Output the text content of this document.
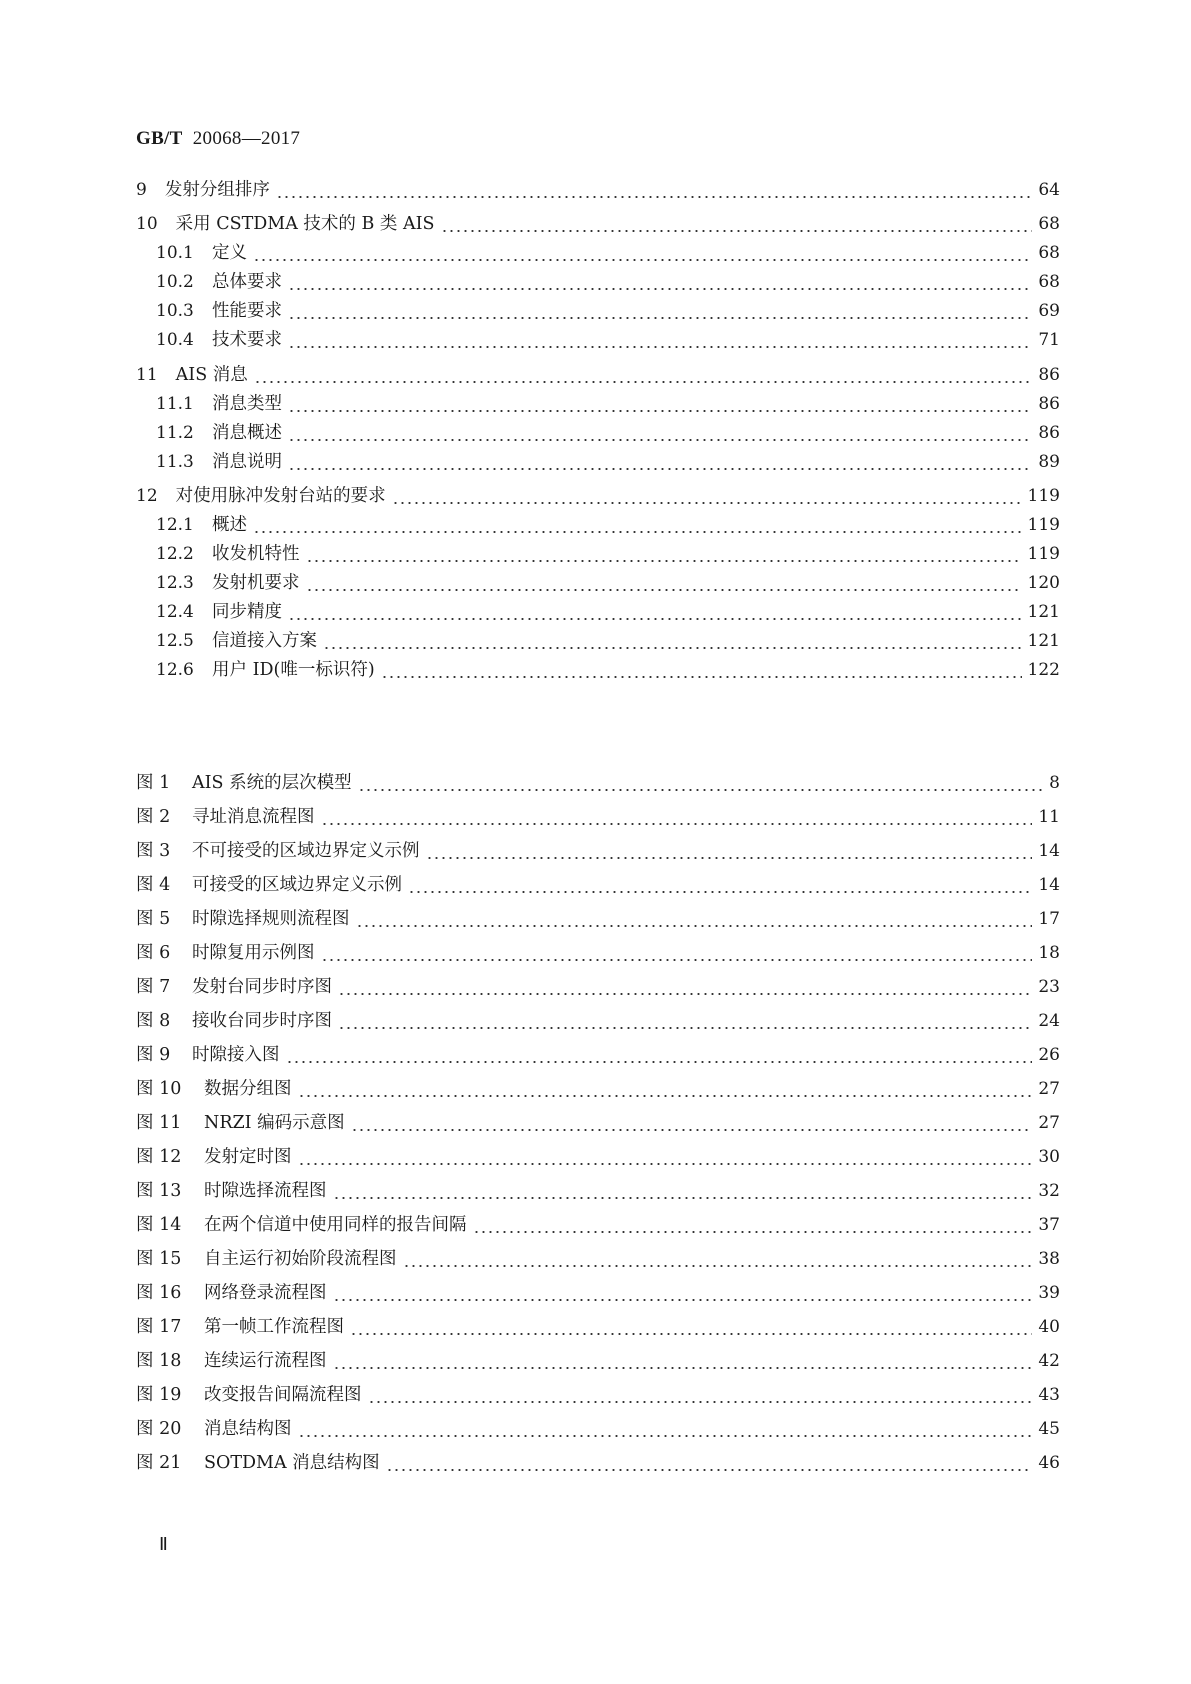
GB/T 20068—2017
9 发射分组排序	64
10 采用 CSTDMA 技术的 B 类 AIS	68
10.1 定义	68
10.2 总体要求	68
10.3 性能要求	69
10.4 技术要求	71
11 AIS 消息	86
11.1 消息类型	86
11.2 消息概述	86
11.3 消息说明	89
12 对使用脉冲发射台站的要求	119
12.1 概述	119
12.2 收发机特性	119
12.3 发射机要求	120
12.4 同步精度	121
12.5 信道接入方案	121
12.6 用户 ID(唯一标识符)	122
图 1 AIS 系统的层次模型	8
图 2 寻址消息流程图	11
图 3 不可接受的区域边界定义示例	14
图 4 可接受的区域边界定义示例	14
图 5 时隙选择规则流程图	17
图 6 时隙复用示例图	18
图 7 发射台同步时序图	23
图 8 接收台同步时序图	24
图 9 时隙接入图	26
图 10 数据分组图	27
图 11 NRZI 编码示意图	27
图 12 发射定时图	30
图 13 时隙选择流程图	32
图 14 在两个信道中使用同样的报告间隔	37
图 15 自主运行初始阶段流程图	38
图 16 网络登录流程图	39
图 17 第一帧工作流程图	40
图 18 连续运行流程图	42
图 19 改变报告间隔流程图	43
图 20 消息结构图	45
图 21 SOTDMA 消息结构图	46
Ⅱ
